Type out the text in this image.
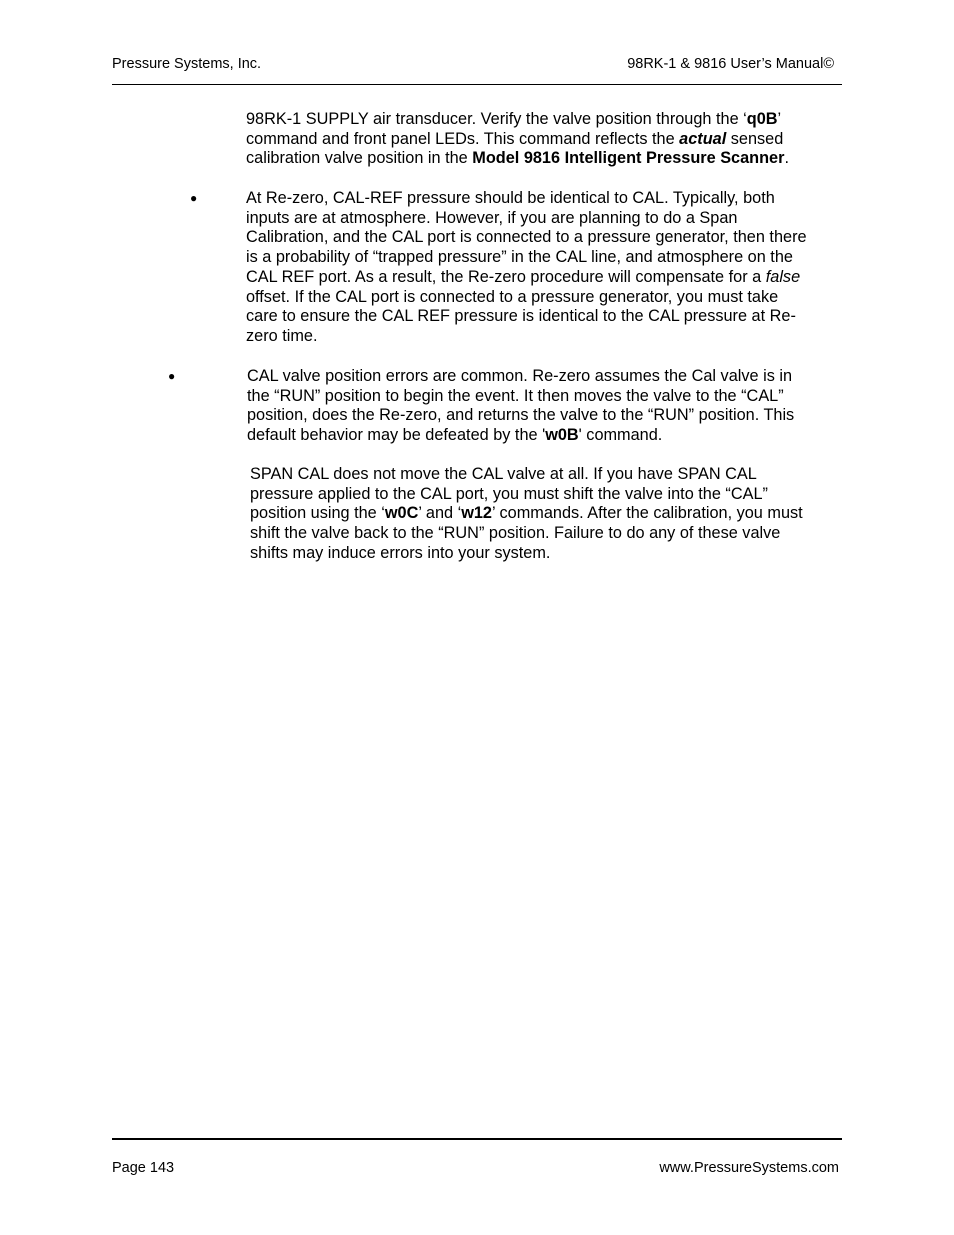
Pressure Systems, Inc.	98RK-1 & 9816 User’s Manual©

98RK-1 SUPPLY air transducer. Verify the valve position through the ‘q0B’
command and front panel LEDs. This command reflects the actual sensed
calibration valve position in the Model 9816 Intelligent Pressure Scanner.

●	At Re-zero, CAL-REF pressure should be identical to CAL. Typically, both
inputs are at atmosphere. However, if you are planning to do a Span
Calibration, and the CAL port is connected to a pressure generator, then there
is a probability of “trapped pressure” in the CAL line, and atmosphere on the
CAL REF port. As a result, the Re-zero procedure will compensate for a false
offset. If the CAL port is connected to a pressure generator, you must take
care to ensure the CAL REF pressure is identical to the CAL pressure at Re-
zero time.

●	CAL valve position errors are common. Re-zero assumes the Cal valve is in
the “RUN” position to begin the event. It then moves the valve to the “CAL”
position, does the Re-zero, and returns the valve to the “RUN” position. This
default behavior may be defeated by the 'w0B' command.

SPAN CAL does not move the CAL valve at all. If you have SPAN CAL
pressure applied to the CAL port, you must shift the valve into the “CAL”
position using the ‘w0C’ and ‘w12’ commands. After the calibration, you must
shift the valve back to the “RUN” position. Failure to do any of these valve
shifts may induce errors into your system.

Page 143	www.PressureSystems.com
